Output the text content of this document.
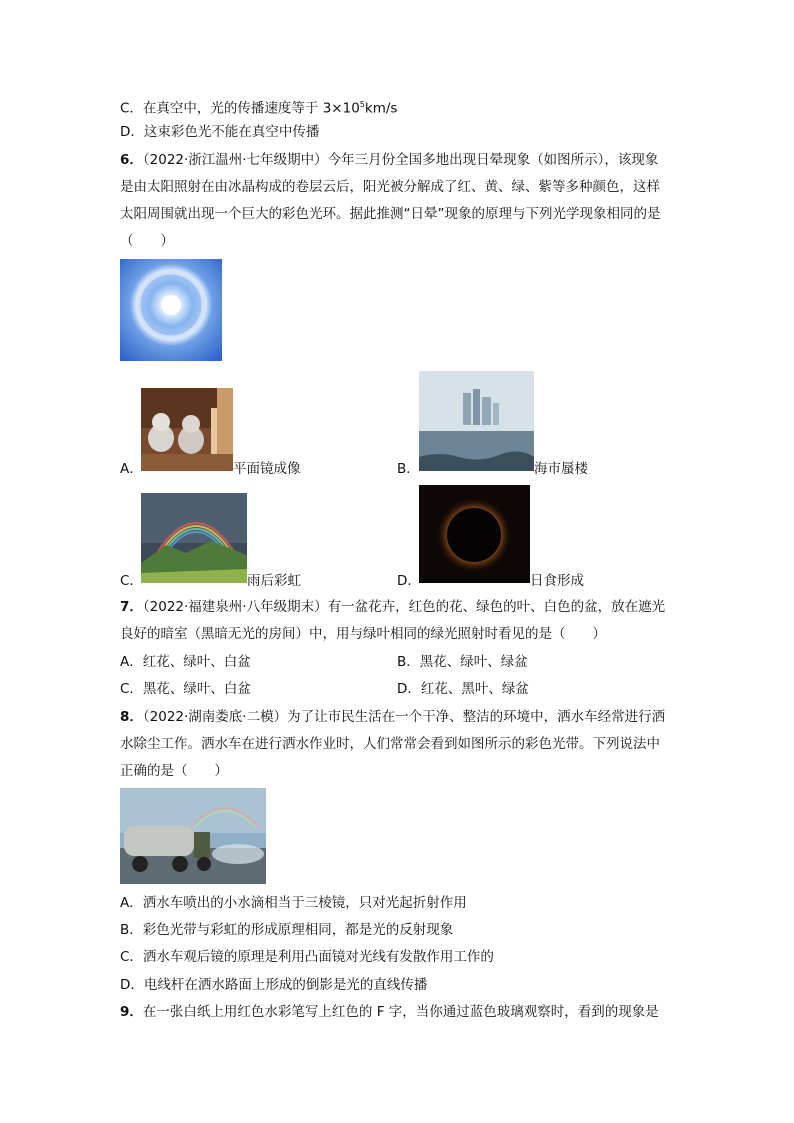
C．在真空中，光的传播速度等于 $3\times 10^5km/s$
D．这束彩色光不能在真空中传播
6．（2022·浙江温州·七年级期中）今年三月份全国多地出现日晕现象（如图所示），该现象
是由太阳照射在由冰晶构成的卷层云后，阳光被分解成了红、黄、绿、紫等多种颜色，这样
太阳周围就出现一个巨大的彩色光环。据此推测“日晕”现象的原理与下列光学现象相同的是
（　　）
A．	平面镜成像	B．	海市蜃楼
C．	雨后彩虹	D．	日食形成
7．（2022·福建泉州·八年级期末）有一盆花卉，红色的花、绿色的叶、白色的盆，放在遮光
良好的暗室（黑暗无光的房间）中，用与绿叶相同的绿光照射时看见的是（　　）
A．红花、绿叶、白盆	B．黑花、绿叶、绿盆
C．黑花、绿叶、白盆	D．红花、黑叶、绿盆
8．（2022·湖南娄底·二模）为了让市民生活在一个干净、整洁的环境中，洒水车经常进行洒
水除尘工作。洒水车在进行洒水作业时，人们常常会看到如图所示的彩色光带。下列说法中
正确的是（　　）
A．洒水车喷出的小水滴相当于三棱镜，只对光起折射作用
B．彩色光带与彩虹的形成原理相同，都是光的反射现象
C．洒水车观后镜的原理是利用凸面镜对光线有发散作用工作的
D．电线杆在洒水路面上形成的倒影是光的直线传播
9．在一张白纸上用红色水彩笔写上红色的 F 字，当你通过蓝色玻璃观察时，看到的现象是
